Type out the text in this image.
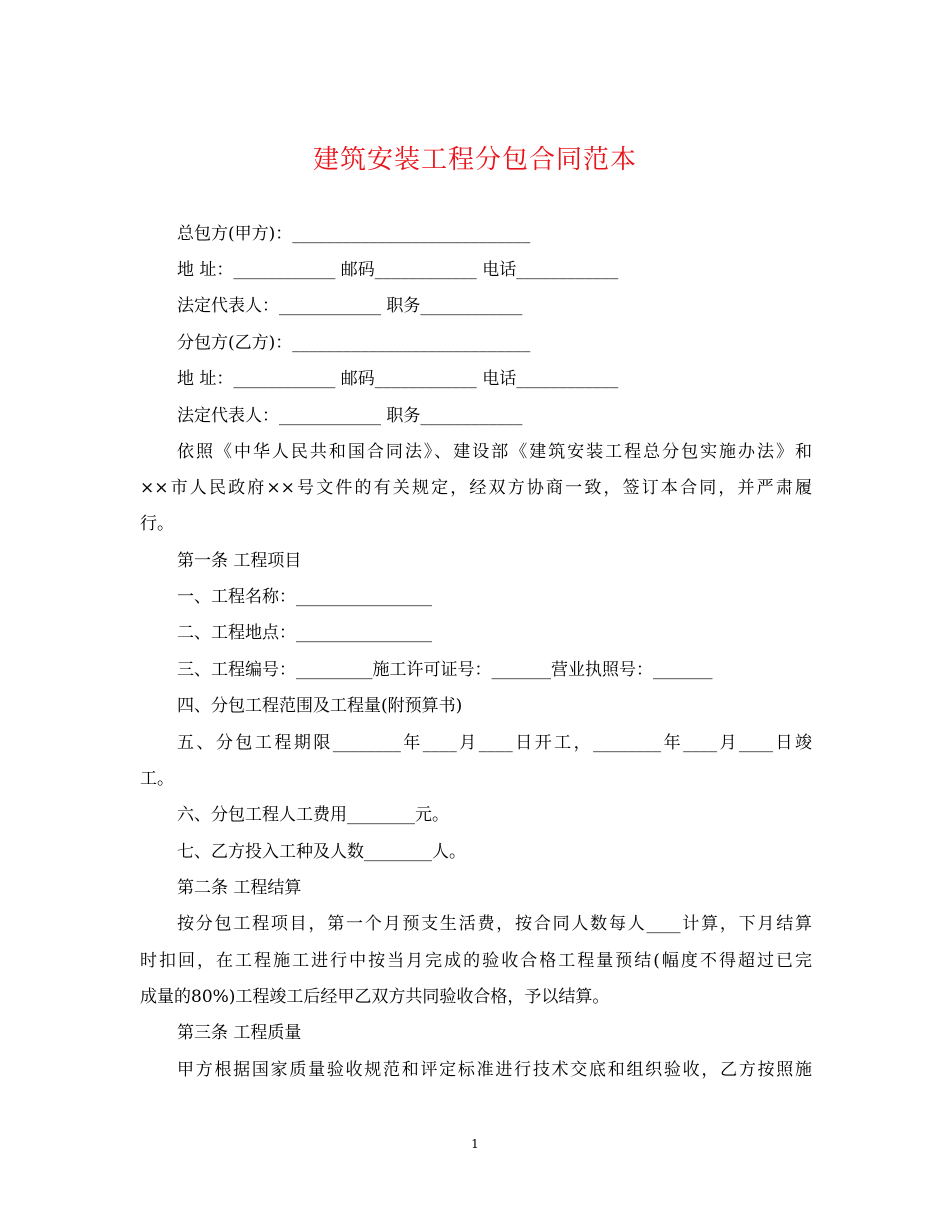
建筑安装工程分包合同范本
总包方(甲方)：____________________________
地 址：____________ 邮码____________ 电话____________
法定代表人：____________ 职务____________
分包方(乙方)：____________________________
地 址：____________ 邮码____________ 电话____________
法定代表人：____________ 职务____________
依照《中华人民共和国合同法》、建设部《建筑安装工程总分包实施办法》和
××市人民政府××号文件的有关规定，经双方协商一致，签订本合同，并严肃履
行。
第一条 工程项目
一、工程名称：________________
二、工程地点：________________
三、工程编号：_________施工许可证号：_______营业执照号：_______
四、分包工程范围及工程量(附预算书)
五、分包工程期限________年____月____日开工，________年____月____日竣
工。
六、分包工程人工费用________元。
七、乙方投入工种及人数________人。
第二条 工程结算
按分包工程项目，第一个月预支生活费，按合同人数每人____计算，下月结算
时扣回，在工程施工进行中按当月完成的验收合格工程量预结(幅度不得超过已完
成量的80%)工程竣工后经甲乙双方共同验收合格，予以结算。
第三条 工程质量
甲方根据国家质量验收规范和评定标准进行技术交底和组织验收，乙方按照施
1
